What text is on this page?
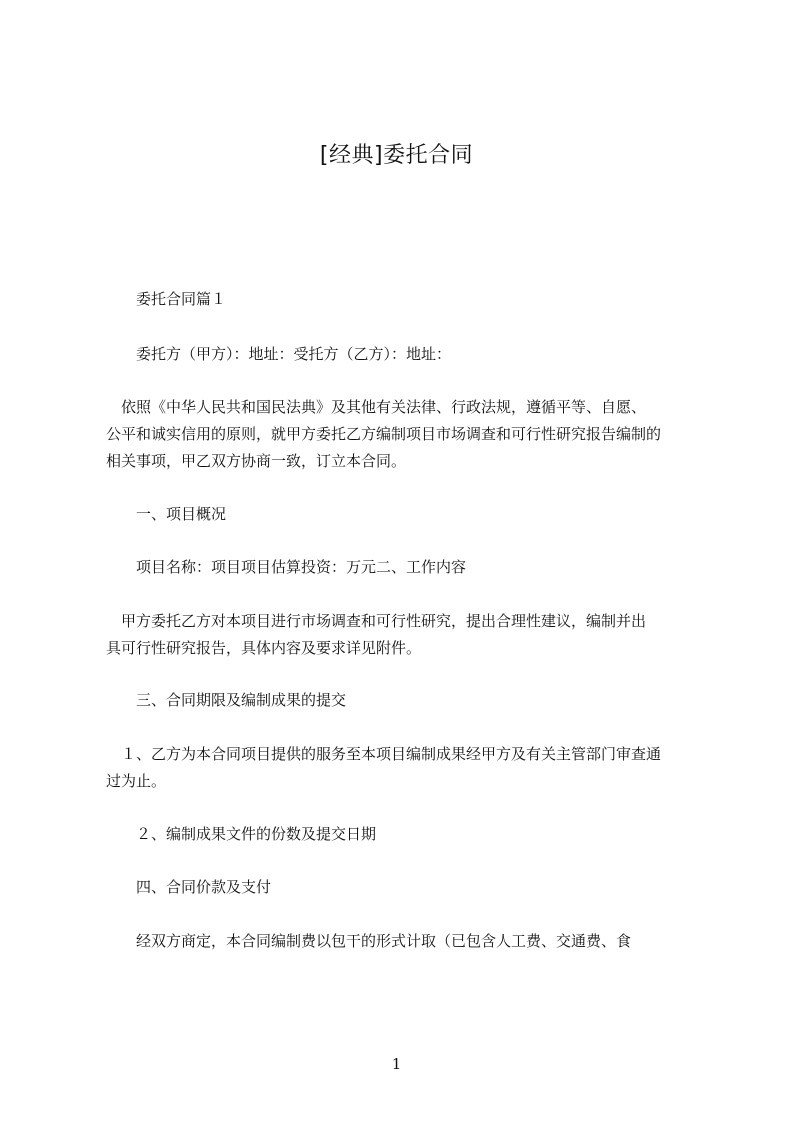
[经典]委托合同
委托合同篇１
委托方（甲方）：地址：受托方（乙方）：地址：
　依照《中华人民共和国民法典》及其他有关法律、行政法规，遵循平等、自愿、
公平和诚实信用的原则，就甲方委托乙方编制项目市场调查和可行性研究报告编制的
相关事项，甲乙双方协商一致，订立本合同。
一、项目概况
项目名称：项目项目估算投资：万元二、工作内容
　甲方委托乙方对本项目进行市场调查和可行性研究，提出合理性建议，编制并出
具可行性研究报告，具体内容及要求详见附件。
三、合同期限及编制成果的提交
　１、乙方为本合同项目提供的服务至本项目编制成果经甲方及有关主管部门审查通
过为止。
２、编制成果文件的份数及提交日期
四、合同价款及支付
经双方商定，本合同编制费以包干的形式计取（已包含人工费、交通费、食
1
